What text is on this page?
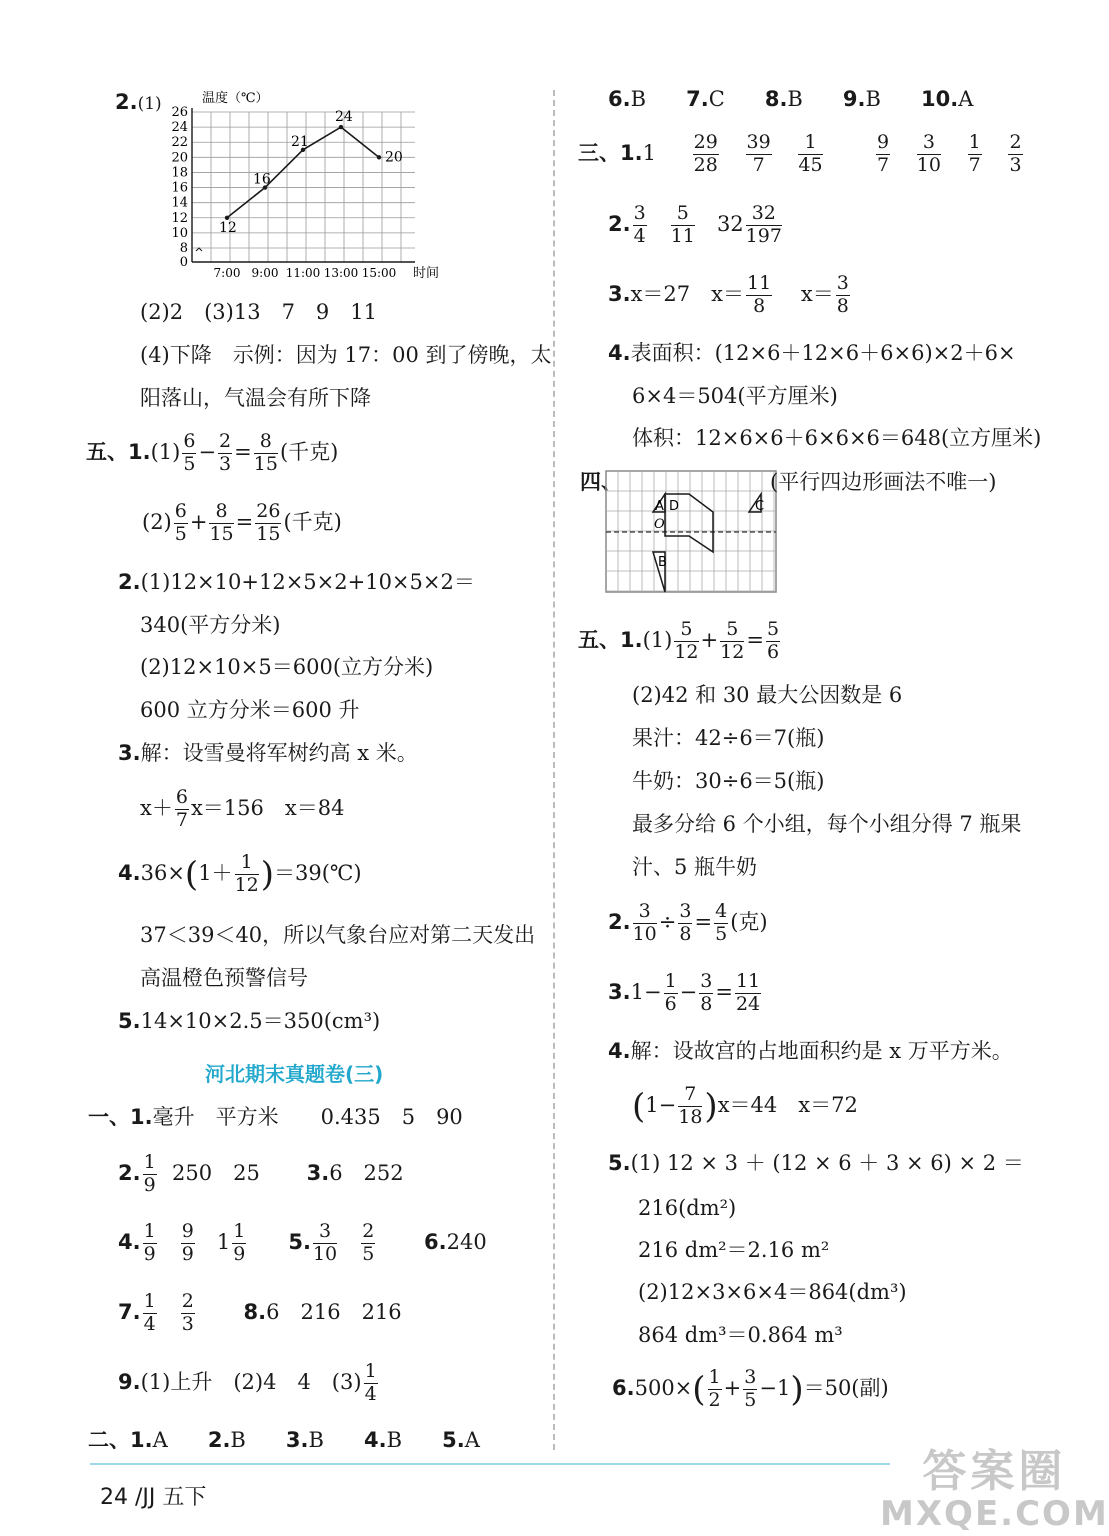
2.(1)
0
8
10
12
14
16
18
20
22
24
26
7:00 9:00 11:00 13:00 15:00
12
16
21
24
20
温度（℃）
时间
(2)2　(3)13　7　9　11
(4)下降　示例：因为 17：00 到了傍晚，太
阳落山，气温会有所下降
五、$1.(1) \frac{6}{5} - \frac{2}{3} = \frac{8}{15}$ (千克)
$(2) \frac{6}{5} + \frac{8}{15} = \frac{26}{15}$ (千克)
2.(1)12×10+12×5×2+10×5×2＝
340(平方分米)
(2)12×10×5＝600(立方分米)
600 立方分米＝600 升
3.解：设雪曼将军树约高 x 米。
$x+ \frac{6}{7} x=156$　x＝84
$4.36\times(1+ \frac{1}{12}$ )＝39(℃)
37＜39＜40，所以气象台应对第二天发出
高温橙色预警信号
5.14×10×2.5＝350(cm³)
河北期末真题卷(三)
一、1.毫升　平方米　　0.435　5　90
2. $\frac{1}{9} 250$　25 3.6　252
4. $\frac{1}{9}$
$\frac{9}{9} 1 \frac{1}{9} 5$. $\frac{3}{10}$
$\frac{2}{5} 6.240$
7. $\frac{1}{4}$
$\frac{2}{3} 8.6$　216　216
9.(1)上升　(2)4　4　$(3) \frac{1}{4}$
二、1.A 2.B 3.B 4.B 5.A
6.B 7.C 8.B 9.B 10.A
三、$1.1 \frac{29}{28}$
$\frac{39}{7}$
$\frac{1}{45}$
	$\frac{9}{7}$
$\frac{3}{10}$
$\frac{1}{7}$
$\frac{2}{3}$
2. $\frac{3}{4}$
$\frac{5}{11} 32 \frac{32}{197}$
3.x＝27　$x= \frac{11}{8} x= \frac{3}{8}$
4.表面积：(12×6＋12×6＋6×6)×2＋6×
6×4＝504(平方厘米)
体积：12×6×6＋6×6×6＝648(立方厘米)
四、
A D
O
B
C
(平行四边形画法不唯一)
五、$1.(1) \frac{5}{12} + \frac{5}{12} = \frac{5}{6}$
(2)42 和 30 最大公因数是 6
果汁：42÷6＝7(瓶)
牛奶：30÷6＝5(瓶)
最多分给 6 个小组，每个小组分得 7 瓶果
汁、5 瓶牛奶
2. $\frac{3}{10} \div \frac{3}{8} = \frac{4}{5}$ (克)
$3.1- \frac{1}{6} - \frac{3}{8} = \frac{11}{24}$
4.解：设故宫的占地面积约是 x 万平方米。
$(1- \frac{7}{18} )x=44$　x＝72
5.(1) 12 × 3 ＋ (12 × 6 ＋ 3 × 6) × 2 ＝
216(dm²)
216 dm²＝2.16 m²
(2)12×3×6×4＝864(dm³)
864 dm³＝0.864 m³
$6.500\times( \frac{1}{2} + \frac{3}{5} -1)=50$(副)
24 /JJ 五下
答案圈
MXQE.COM
